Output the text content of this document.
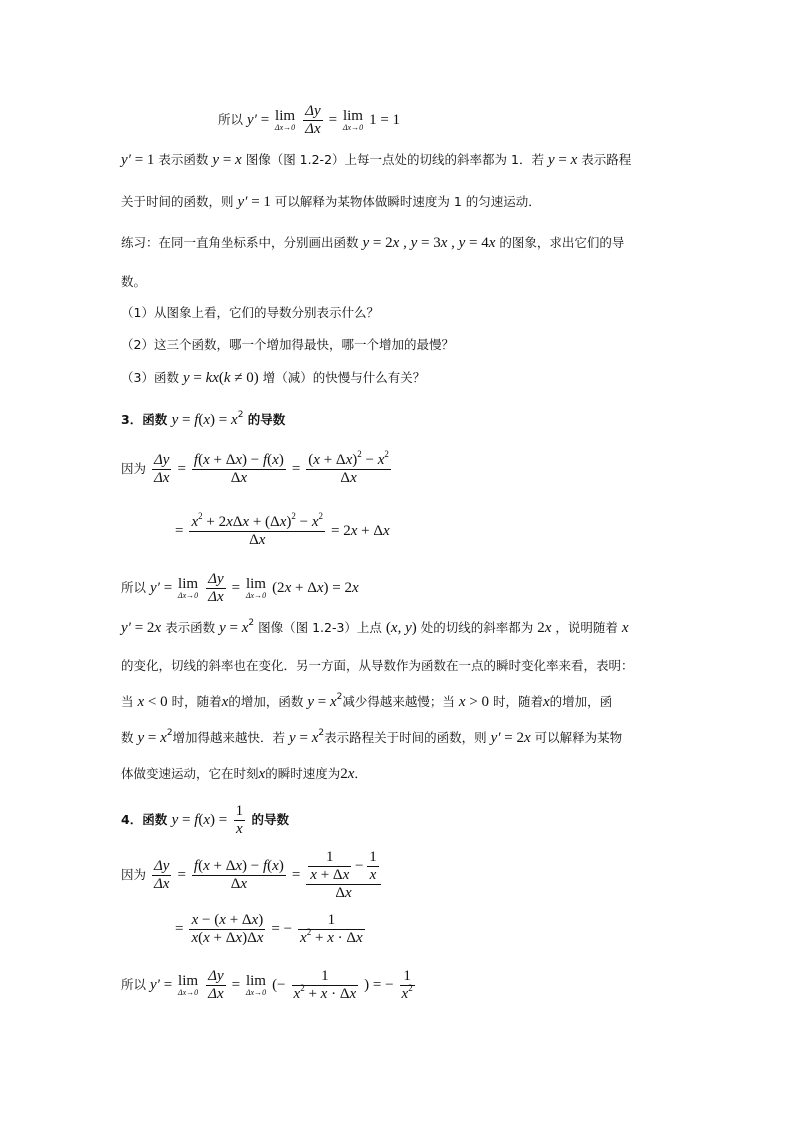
所以 y′ = lim
Δx→0
$\frac{\Delta y}{\Delta x} = \lim$
Δx→0 1 = 1
y′ = 1 表示函数 y = x 图像（图 1.2-2）上每一点处的切线的斜率都为 1．若 y = x 表示路程
关于时间的函数，则 y′ = 1 可以解释为某物体做瞬时速度为 1 的匀速运动．
练习：在同一直角坐标系中，分别画出函数 y = 2x , y = 3x , y = 4x 的图象，求出它们的导
数。
（1）从图象上看，它们的导数分别表示什么？
（2）这三个函数，哪一个增加得最快，哪一个增加的最慢？
（3）函数 y = kx(k ≠ 0) 增（减）的快慢与什么有关？
3．函数 $y = f(x) = x^2$ 的导数
因为 $\frac{\Delta y}{\Delta x} = \frac{f(x + \Delta x) - f(x)}{\Delta x} = \frac{(x + \Delta x)^2 - x^2}{\Delta x}$
= $\frac{x^2 + 2x\Delta x + (\Delta x)^2 - x^2}{\Delta x} = 2x + \Delta x$
所以 y′ = lim
Δx→0
$\frac{\Delta y}{\Delta x} = \lim$
Δx→0 (2x + Δx) = 2x
y′ = 2x 表示函数 $y = x^2$ 图像（图 1.2-3）上点 (x, y) 处的切线的斜率都为 2x ，说明随着 x
的变化，切线的斜率也在变化．另一方面，从导数作为函数在一点的瞬时变化率来看，表明：
当 x < 0 时，随着x的增加，函数 $y = x^2$减少得越来越慢；当 x > 0 时，随着x的增加，函
数 $y = x^2$增加得越来越快．若 $y = x^2$表示路程关于时间的函数，则 y′ = 2x 可以解释为某物
体做变速运动，它在时刻x的瞬时速度为2x．
4．函数 $y = f(x) = \frac{1}{x}$ 的导数
因为 $\frac{\Delta y}{\Delta x} = \frac{f(x + \Delta x) - f(x)}{\Delta x} = \frac{\frac{1}{x + \Delta x} - \frac{1}{x}}{\Delta x}$
= $\frac{x - (x + \Delta x)}{x(x + \Delta x)\Delta x}$ = − $\frac{1}{x^2 + x \cdot \Delta x}$
所以 y′ = lim
Δx→0
$\frac{\Delta y}{\Delta x} = \lim$
Δx→0 (− $\frac{1}{x^2 + x \cdot \Delta x}$ ) = − $\frac{1}{x^2}$
